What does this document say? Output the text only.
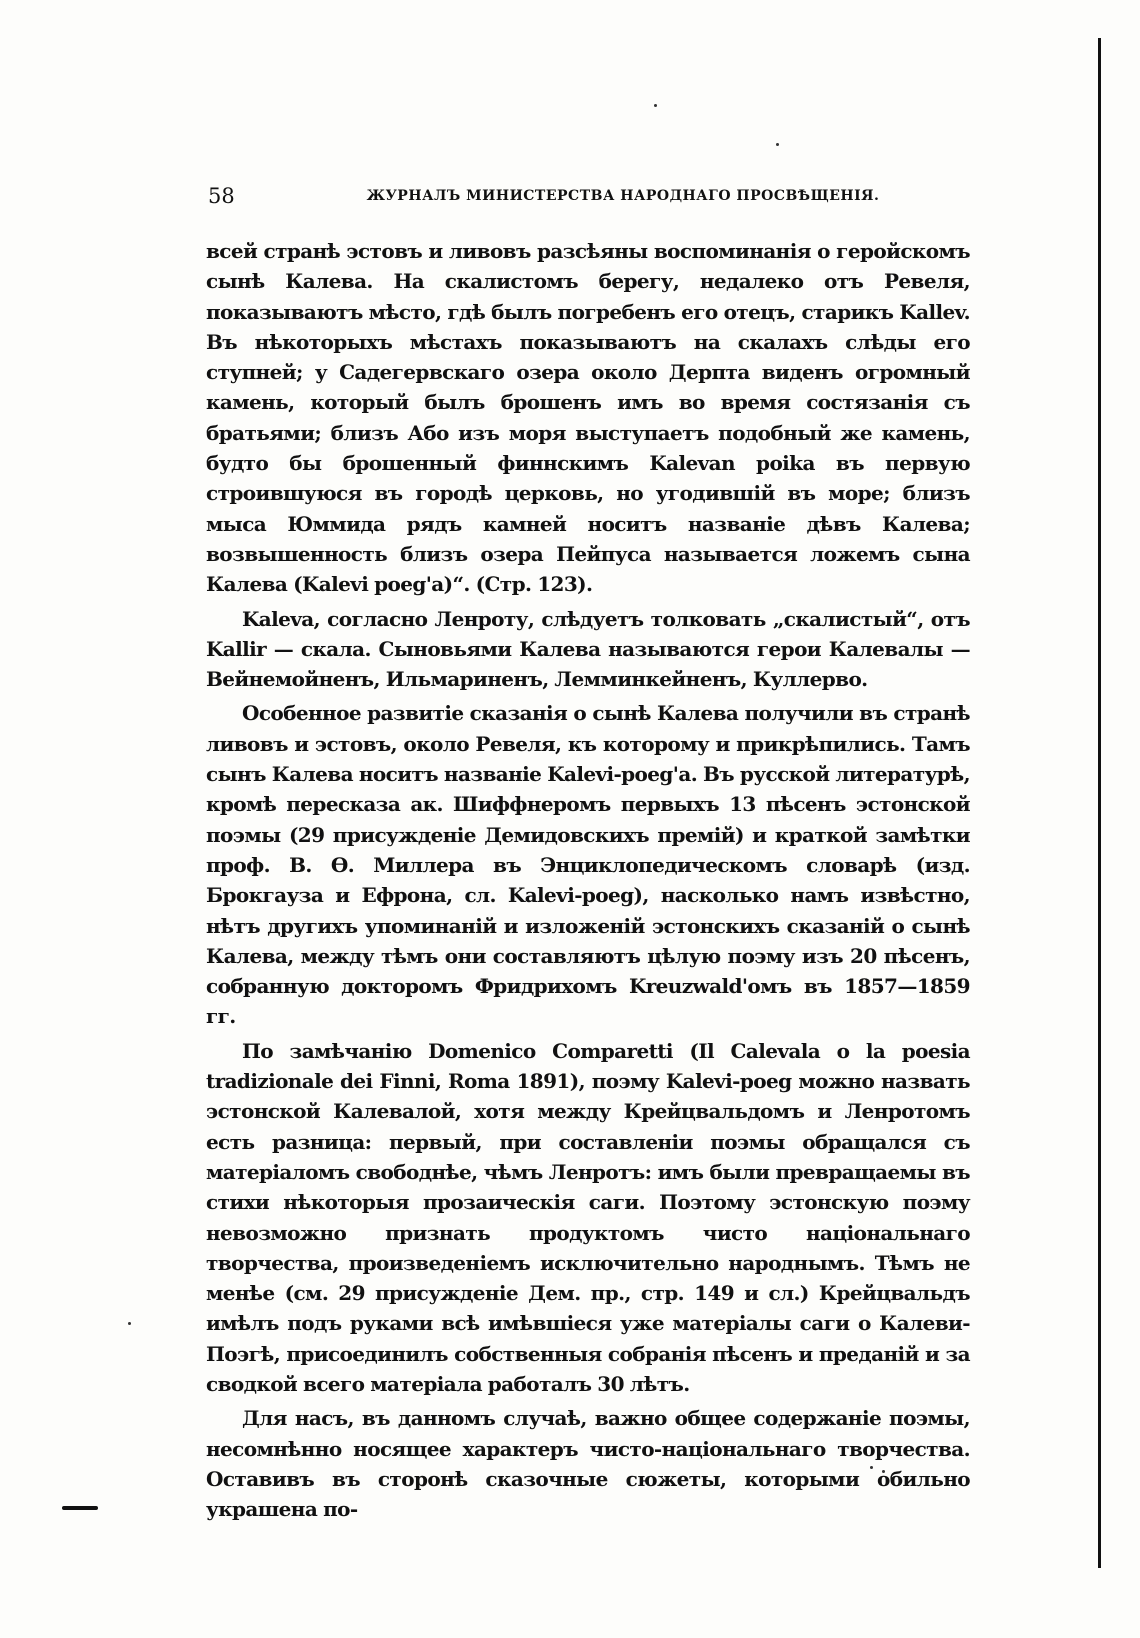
58	ЖУРНАЛЪ МИНИСТЕРСТВА НАРОДНАГО ПРОСВѢЩЕНІЯ.

всей странѣ эстовъ и ливовъ разсѣяны воспоминанія о геройскомъ сынѣ Калева. На скалистомъ берегу, недалеко отъ Ревеля, показываютъ мѣсто, гдѣ былъ погребенъ его отецъ, старикъ Kallev. Въ нѣкоторыхъ мѣстахъ показываютъ на скалахъ слѣды его ступней; у Садегервскаго озера около Дерпта виденъ огромный камень, который былъ брошенъ имъ во время состязанія съ братьями; близъ Або изъ моря выступаетъ подобный же камень, будто бы брошенный финнскимъ Kalevan poika въ первую строившуюся въ городѣ церковь, но угодившій въ море; близъ мыса Юммида рядъ камней носитъ названіе дѣвъ Калева; возвышенность близъ озера Пейпуса называется ложемъ сына Калева (Kalevi poeg'a)“. (Стр. 123).

Kaleva, согласно Ленроту, слѣдуетъ толковать „скалистый“, отъ Kallir — скала. Сыновьями Калева называются герои Калевалы — Вейнемойненъ, Ильмариненъ, Лемминкейненъ, Куллерво.

Особенное развитіе сказанія о сынѣ Калева получили въ странѣ ливовъ и эстовъ, около Ревеля, къ которому и прикрѣпились. Тамъ сынъ Калева носитъ названіе Kalevi-poeg'a. Въ русской литературѣ, кромѣ пересказа ак. Шиффнеромъ первыхъ 13 пѣсенъ эстонской поэмы (29 присужденіе Демидовскихъ премій) и краткой замѣтки проф. В. Ѳ. Миллера въ Энциклопедическомъ словарѣ (изд. Брокгауза и Ефрона, сл. Kalevi-poeg), насколько намъ извѣстно, нѣтъ другихъ упоминаній и изложеній эстонскихъ сказаній о сынѣ Калева, между тѣмъ они составляютъ цѣлую поэму изъ 20 пѣсенъ, собранную докторомъ Фридрихомъ Kreuzwald'омъ въ 1857—1859 гг.

По замѣчанію Domenico Comparetti (Il Calevala o la poesia tradizionale dei Finni, Roma 1891), поэму Kalevi-poeg можно назвать эстонской Калевалой, хотя между Крейцвальдомъ и Ленротомъ есть разница: первый, при составленіи поэмы обращался съ матеріаломъ свободнѣе, чѣмъ Ленротъ: имъ были превращаемы въ стихи нѣкоторыя прозаическія саги. Поэтому эстонскую поэму невозможно признать продуктомъ чисто національнаго творчества, произведеніемъ исключительно народнымъ. Тѣмъ не менѣе (см. 29 присужденіе Дем. пр., стр. 149 и сл.) Крейцвальдъ имѣлъ подъ руками всѣ имѣвшіеся уже матеріалы саги о Калеви-Поэгѣ, присоединилъ собственныя собранія пѣсенъ и преданій и за сводкой всего матеріала работалъ 30 лѣтъ.

Для насъ, въ данномъ случаѣ, важно общее содержаніе поэмы, несомнѣнно носящее характеръ чисто-національнаго творчества. Оставивъ въ сторонѣ сказочные сюжеты, которыми обильно украшена по-
